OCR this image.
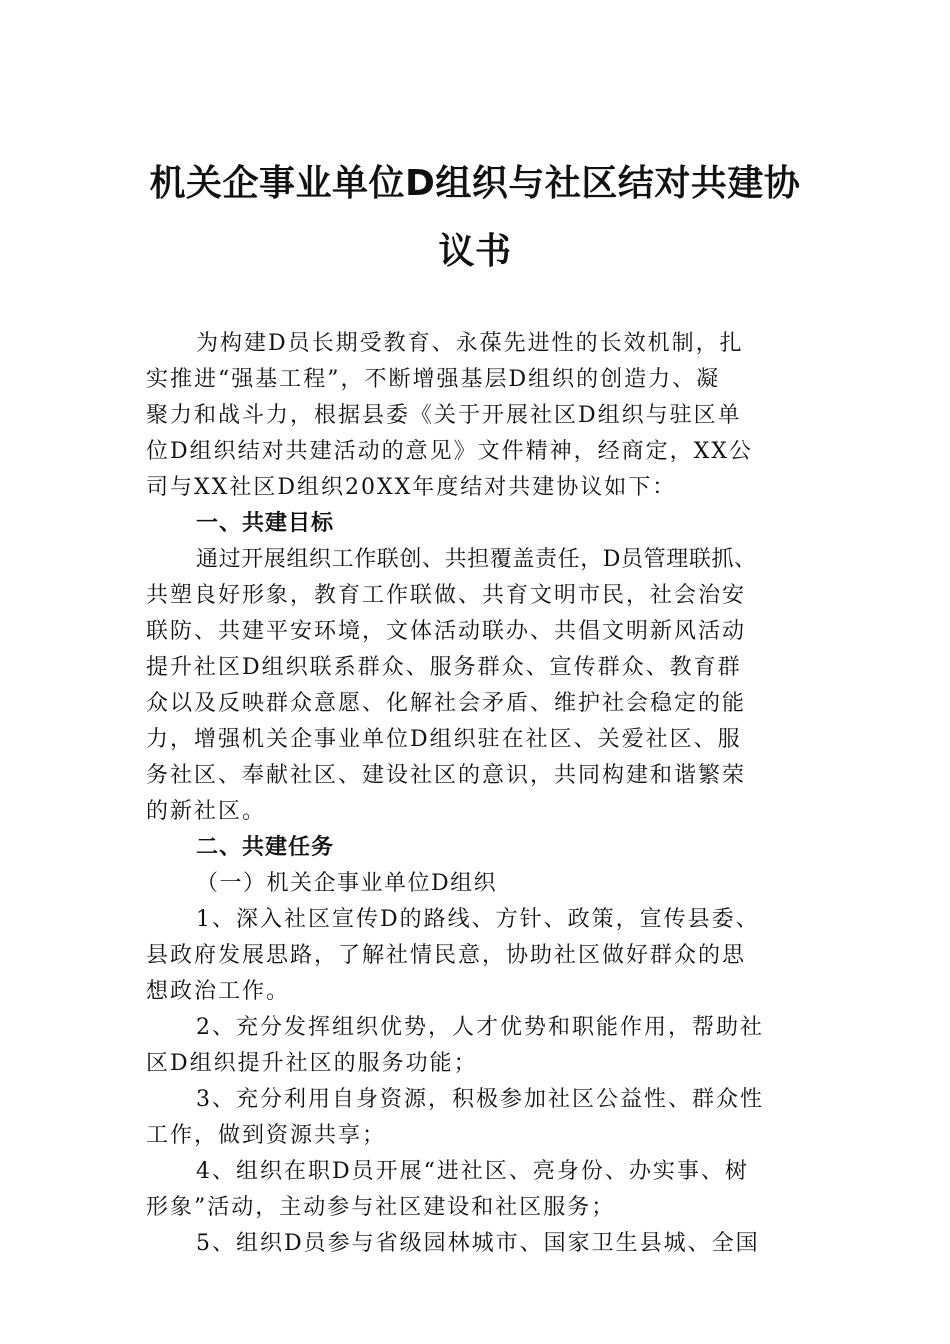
机关企事业单位D组织与社区结对共建协
议书
为构建D员长期受教育、永葆先进性的长效机制，扎
实推进“强基工程”，不断增强基层D组织的创造力、凝
聚力和战斗力，根据县委《关于开展社区D组织与驻区单
位D组织结对共建活动的意见》文件精神，经商定，XX公
司与XX社区D组织20XX年度结对共建协议如下：
一、共建目标
通过开展组织工作联创、共担覆盖责任，D员管理联抓、
共塑良好形象，教育工作联做、共育文明市民，社会治安
联防、共建平安环境，文体活动联办、共倡文明新风活动
提升社区D组织联系群众、服务群众、宣传群众、教育群
众以及反映群众意愿、化解社会矛盾、维护社会稳定的能
力，增强机关企事业单位D组织驻在社区、关爱社区、服
务社区、奉献社区、建设社区的意识，共同构建和谐繁荣
的新社区。
二、共建任务
（一）机关企事业单位D组织
1、深入社区宣传D的路线、方针、政策，宣传县委、
县政府发展思路，了解社情民意，协助社区做好群众的思
想政治工作。
2、充分发挥组织优势，人才优势和职能作用，帮助社
区D组织提升社区的服务功能；
3、充分利用自身资源，积极参加社区公益性、群众性
工作，做到资源共享；
4、组织在职D员开展“进社区、亮身份、办实事、树
形象”活动，主动参与社区建设和社区服务；
5、组织D员参与省级园林城市、国家卫生县城、全国
